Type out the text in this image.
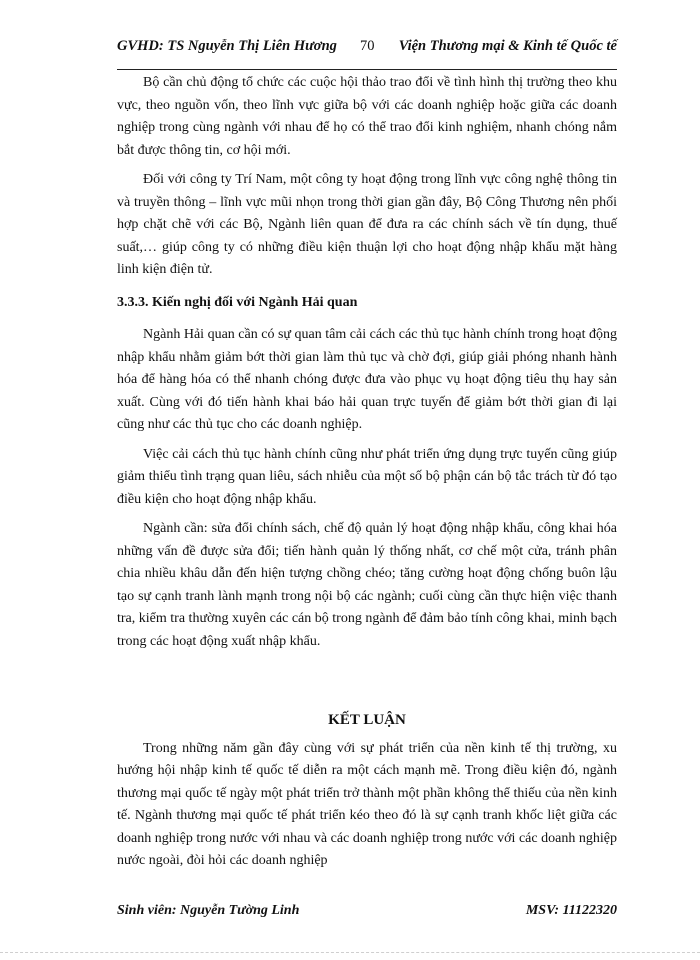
GVHD: TS Nguyễn Thị Liên Hương 70 Viện Thương mại & Kinh tế Quốc tế

Bộ cần chủ động tổ chức các cuộc hội thảo trao đổi về tình hình thị trường theo khu vực, theo nguồn vốn, theo lĩnh vực giữa bộ với các doanh nghiệp hoặc giữa các doanh nghiệp trong cùng ngành với nhau để họ có thể trao đổi kinh nghiệm, nhanh chóng nắm bắt được thông tin, cơ hội mới.

Đối với công ty Trí Nam, một công ty hoạt động trong lĩnh vực công nghệ thông tin và truyền thông – lĩnh vực mũi nhọn trong thời gian gần đây, Bộ Công Thương nên phối hợp chặt chẽ với các Bộ, Ngành liên quan để đưa ra các chính sách về tín dụng, thuế suất,… giúp công ty có những điều kiện thuận lợi cho hoạt động nhập khẩu mặt hàng linh kiện điện tử.

3.3.3. Kiến nghị đối với Ngành Hải quan

Ngành Hải quan cần có sự quan tâm cải cách các thủ tục hành chính trong hoạt động nhập khẩu nhằm giảm bớt thời gian làm thủ tục và chờ đợi, giúp giải phóng nhanh hành hóa để hàng hóa có thể nhanh chóng được đưa vào phục vụ hoạt động tiêu thụ hay sản xuất. Cùng với đó tiến hành khai báo hải quan trực tuyến để giảm bớt thời gian đi lại cũng như các thủ tục cho các doanh nghiệp.

Việc cải cách thủ tục hành chính cũng như phát triển ứng dụng trực tuyến cũng giúp giảm thiểu tình trạng quan liêu, sách nhiễu của một số bộ phận cán bộ tắc trách từ đó tạo điều kiện cho hoạt động nhập khẩu.

Ngành cần: sửa đổi chính sách, chế độ quản lý hoạt động nhập khẩu, công khai hóa những vấn đề được sửa đổi; tiến hành quản lý thống nhất, cơ chế một cửa, tránh phân chia nhiều khâu dẫn đến hiện tượng chồng chéo; tăng cường hoạt động chống buôn lậu tạo sự cạnh tranh lành mạnh trong nội bộ các ngành; cuối cùng cần thực hiện việc thanh tra, kiểm tra thường xuyên các cán bộ trong ngành để đảm bảo tính công khai, minh bạch trong các hoạt động xuất nhập khẩu.

KẾT LUẬN

Trong những năm gần đây cùng với sự phát triển của nền kinh tế thị trường, xu hướng hội nhập kinh tế quốc tế diễn ra một cách mạnh mẽ. Trong điều kiện đó, ngành thương mại quốc tế ngày một phát triển trở thành một phần không thể thiếu của nền kinh tế. Ngành thương mại quốc tế phát triển kéo theo đó là sự cạnh tranh khốc liệt giữa các doanh nghiệp trong nước với nhau và các doanh nghiệp trong nước với các doanh nghiệp nước ngoài, đòi hỏi các doanh nghiệp

Sinh viên: Nguyễn Tường Linh	MSV: 11122320
